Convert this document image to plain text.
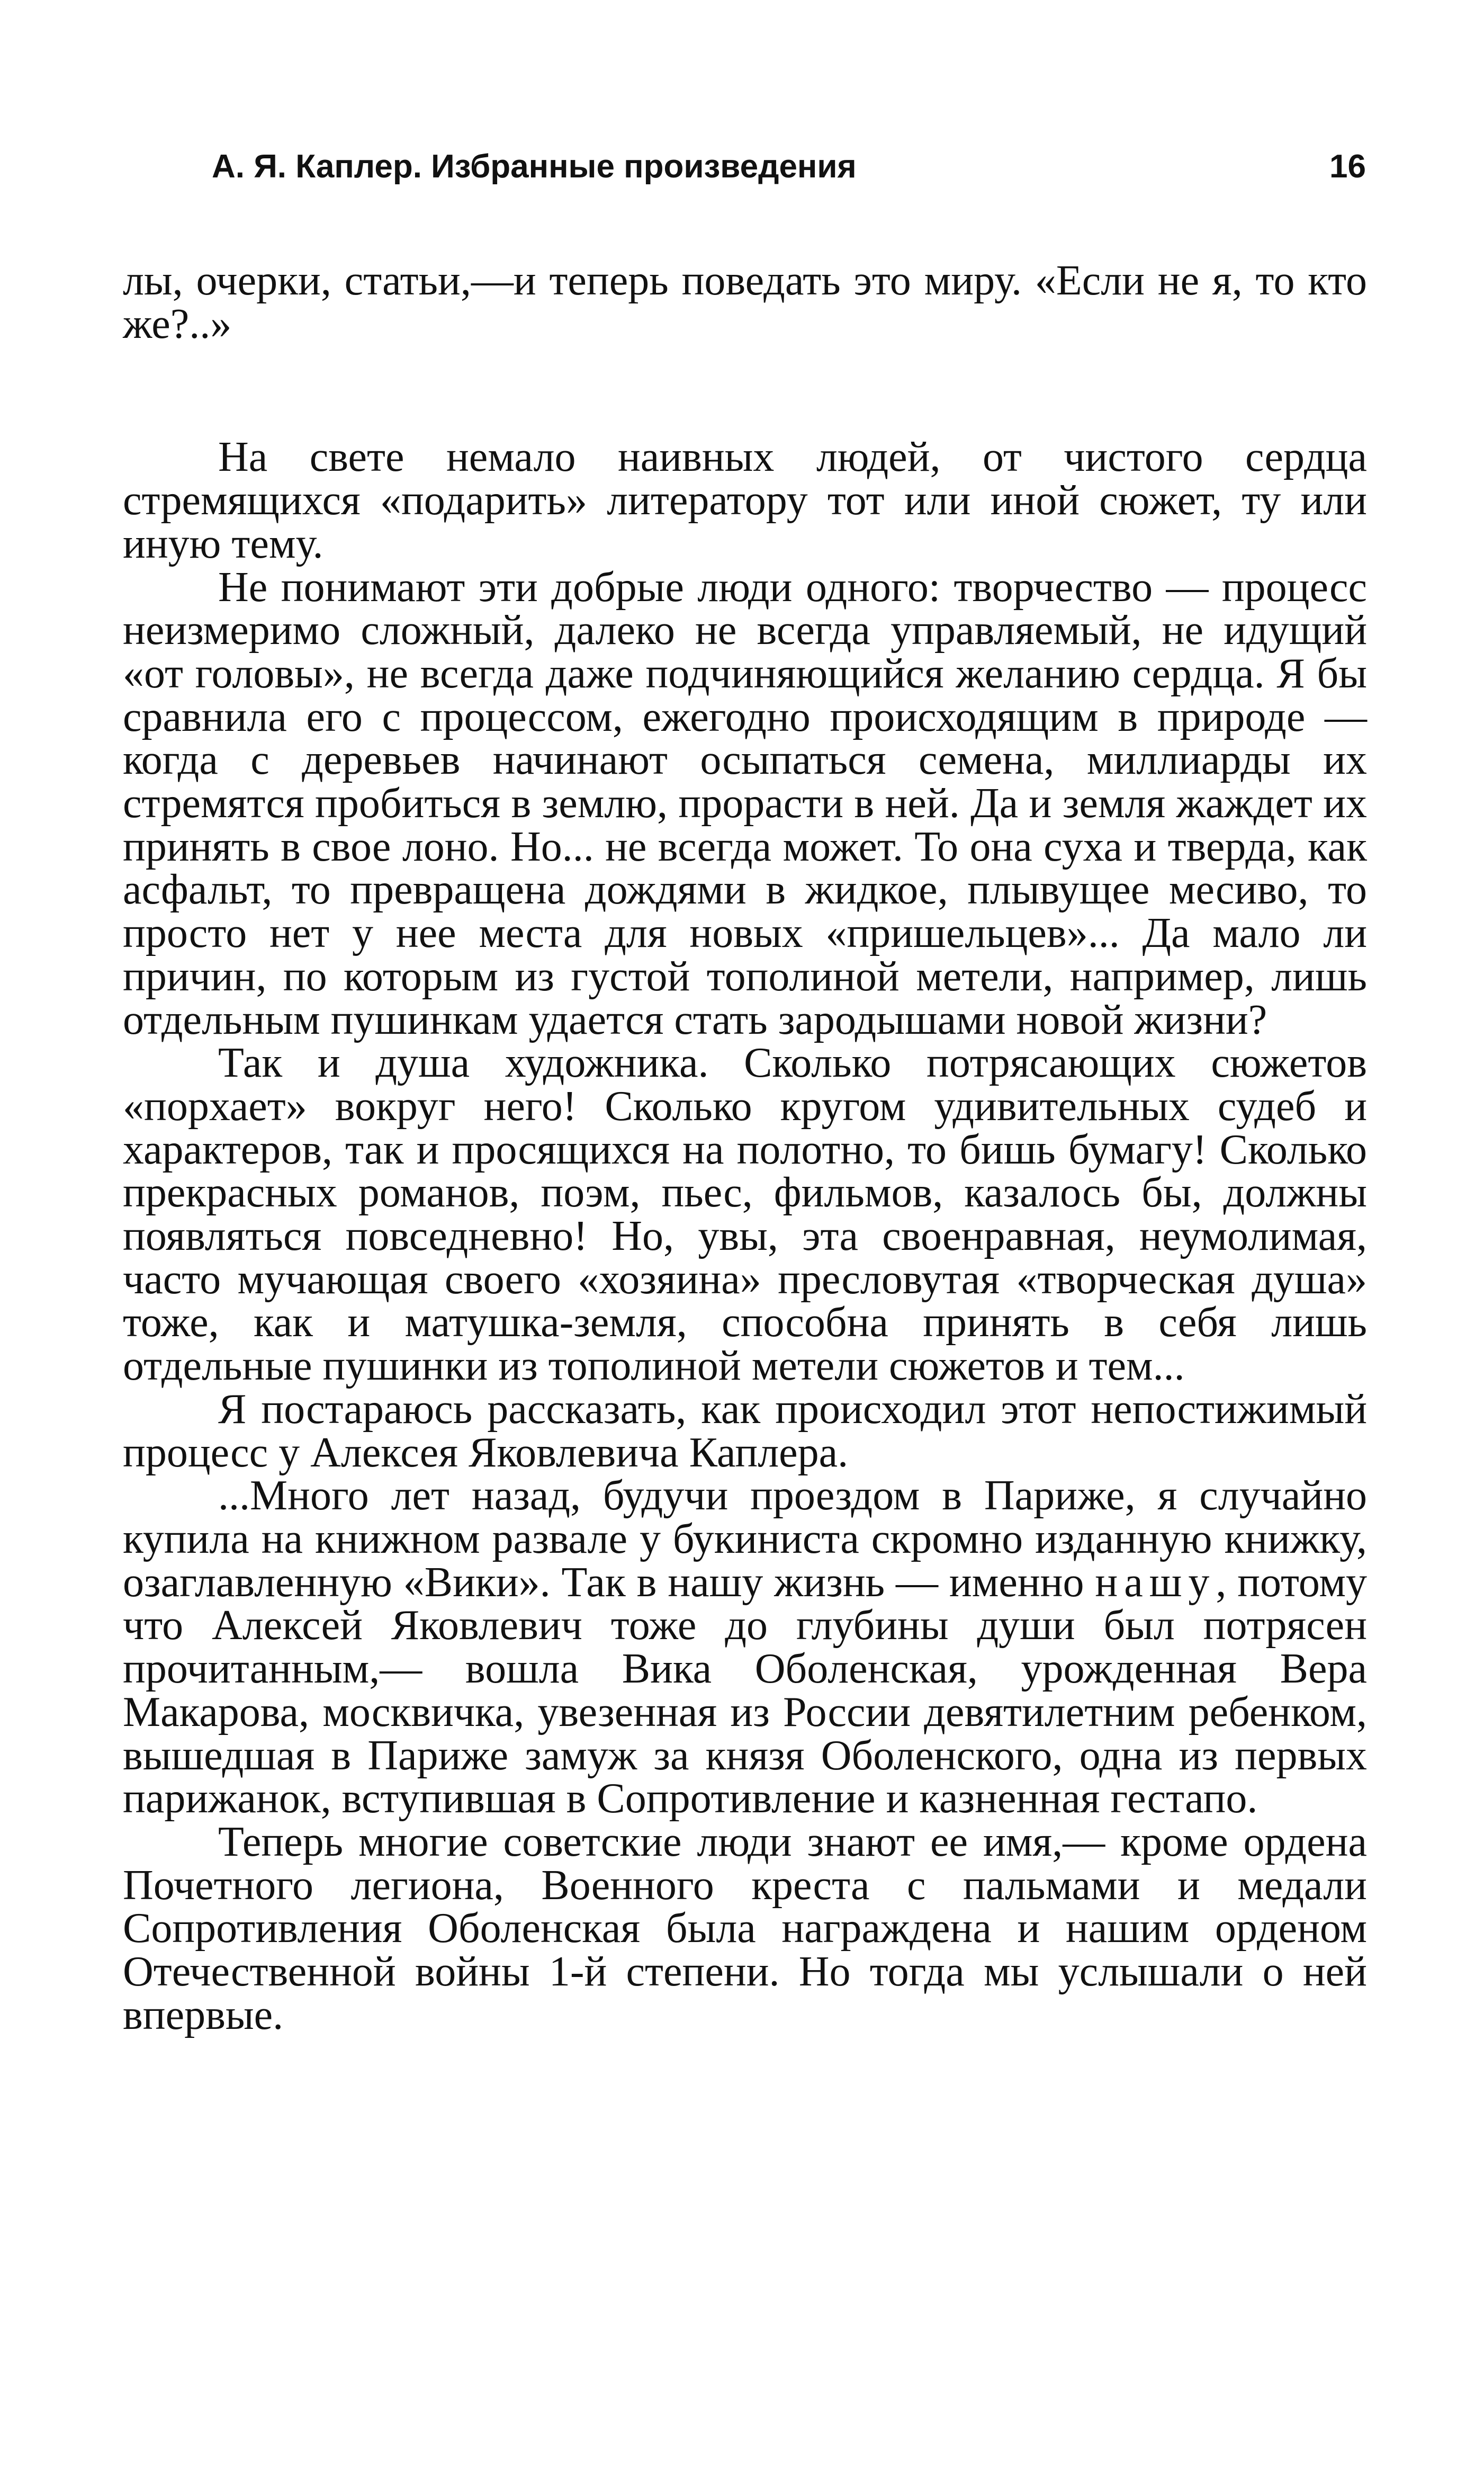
А. Я. Каплер. Избранные произведения	16

лы, очерки, статьи,—и теперь поведать это миру. «Если не я, то кто же?..»

На свете немало наивных людей, от чистого сердца стремящихся «подарить» литератору тот или иной сюжет, ту или иную тему.

Не понимают эти добрые люди одного: творчество — процесс неизмеримо сложный, далеко не всегда управляемый, не идущий «от головы», не всегда даже подчиняющийся желанию сердца. Я бы сравнила его с процессом, ежегодно происходящим в природе — когда с деревьев начинают осыпаться семена, миллиарды их стремятся пробиться в землю, прорасти в ней. Да и земля жаждет их принять в свое лоно. Но... не всегда может. То она суха и тверда, как асфальт, то превращена дождями в жидкое, плывущее месиво, то просто нет у нее места для новых «пришельцев»... Да мало ли причин, по которым из густой тополиной метели, например, лишь отдельным пушинкам удается стать зародышами новой жизни?

Так и душа художника. Сколько потрясающих сюжетов «порхает» вокруг него! Сколько кругом удивительных судеб и характеров, так и просящихся на полотно, то бишь бумагу! Сколько прекрасных романов, поэм, пьес, фильмов, казалось бы, должны появляться повседневно! Но, увы, эта своенравная, неумолимая, часто мучающая своего «хозяина» пресловутая «творческая душа» тоже, как и матушка-земля, способна принять в себя лишь отдельные пушинки из тополиной метели сюжетов и тем...

Я постараюсь рассказать, как происходил этот непостижимый процесс у Алексея Яковлевича Каплера.

...Много лет назад, будучи проездом в Париже, я случайно купила на книжном развале у букиниста скромно изданную книжку, озаглавленную «Вики». Так в нашу жизнь — именно нашу, потому что Алексей Яковлевич тоже до глубины души был потрясен прочитанным,— вошла Вика Оболенская, урожденная Вера Макарова, москвичка, увезенная из России девятилетним ребенком, вышедшая в Париже замуж за князя Оболенского, одна из первых парижанок, вступившая в Сопротивление и казненная гестапо.

Теперь многие советские люди знают ее имя,— кроме ордена Почетного легиона, Военного креста с пальмами и медали Сопротивления Оболенская была награждена и нашим орденом Отечественной войны 1-й степени. Но тогда мы услышали о ней впервые.
